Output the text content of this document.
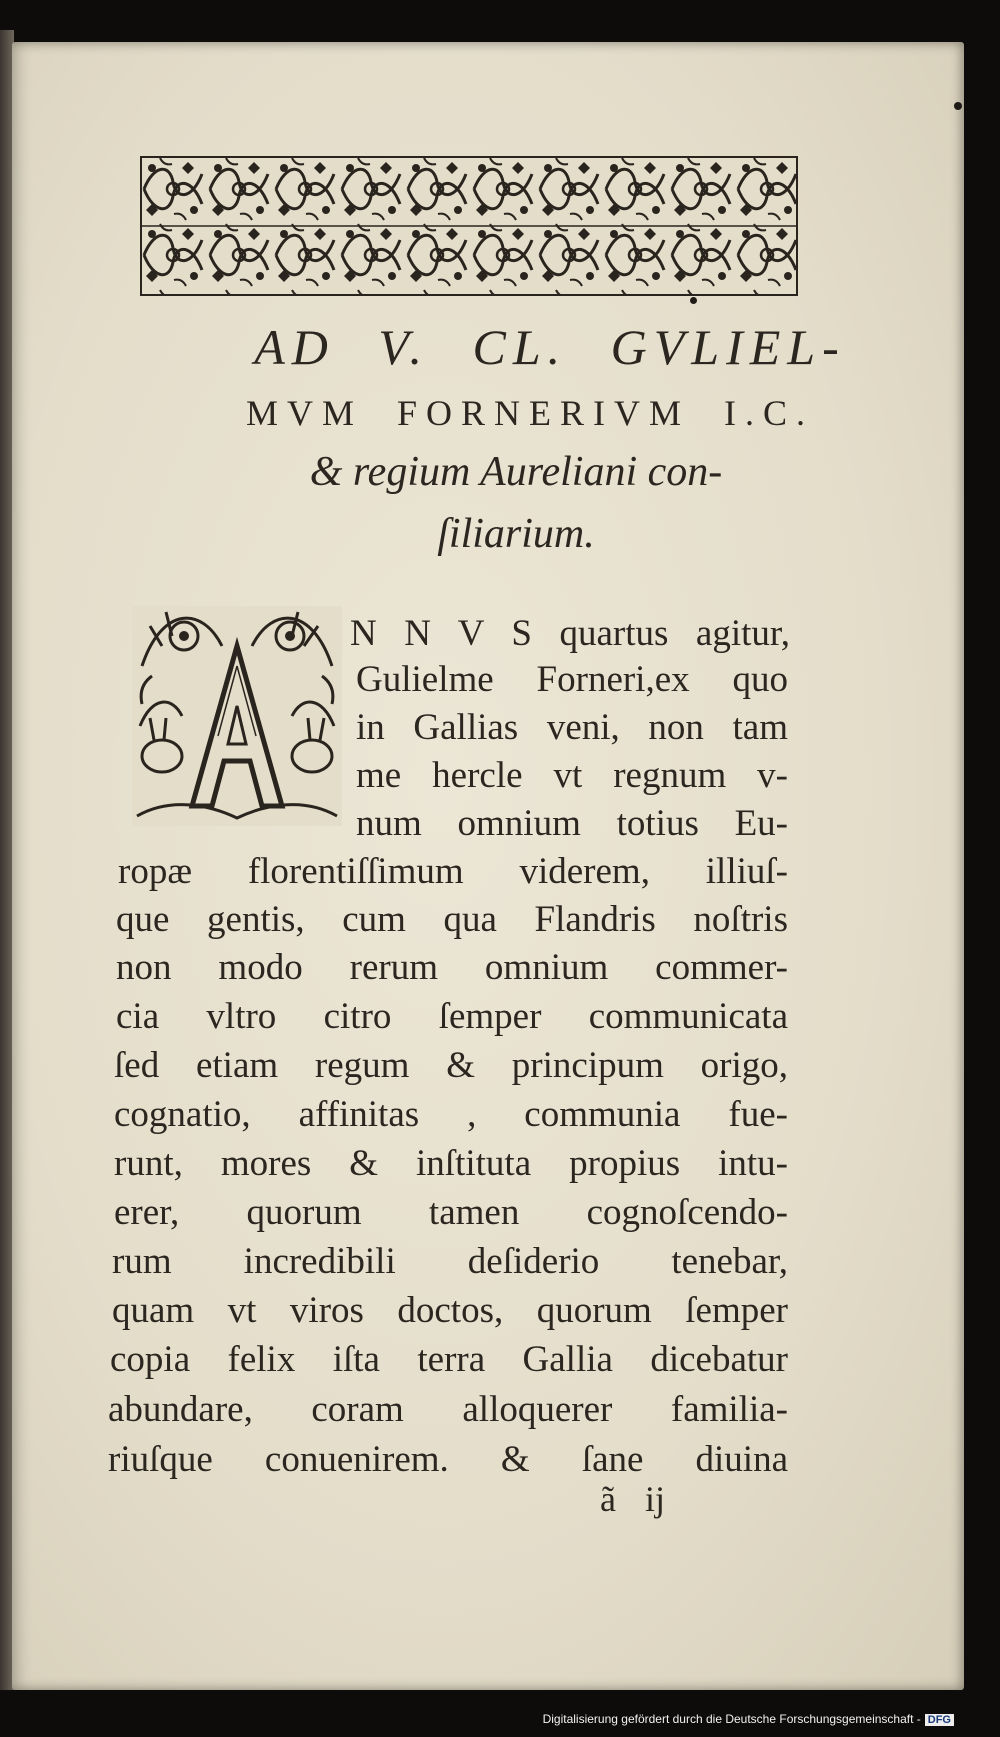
AD V. CL. GVLIEL-
MVM FORNERIVM I.C.
& regium Aureliani con-
ſiliarium.
N N V S quartus agitur,
Gulielme Forneri,ex quo
in Gallias veni, non tam
me hercle vt regnum v-
num omnium totius Eu-
ropæ florentiſſimum viderem, illiuſ-
que gentis, cum qua Flandris noſtris
non modo rerum omnium commer-
cia vltro citro ſemper communicata
ſed etiam regum & principum origo,
cognatio, affinitas , communia fue-
runt, mores & inſtituta propius intu-
erer, quorum tamen cognoſcendo-
rum incredibili deſiderio tenebar,
quam vt viros doctos, quorum ſemper
copia felix iſta terra Gallia dicebatur
abundare, coram alloquerer familia-
riuſque conuenirem. & ſane diuina
ã ij
Digitalisierung gefördert durch die Deutsche Forschungsgemeinschaft - DFG
